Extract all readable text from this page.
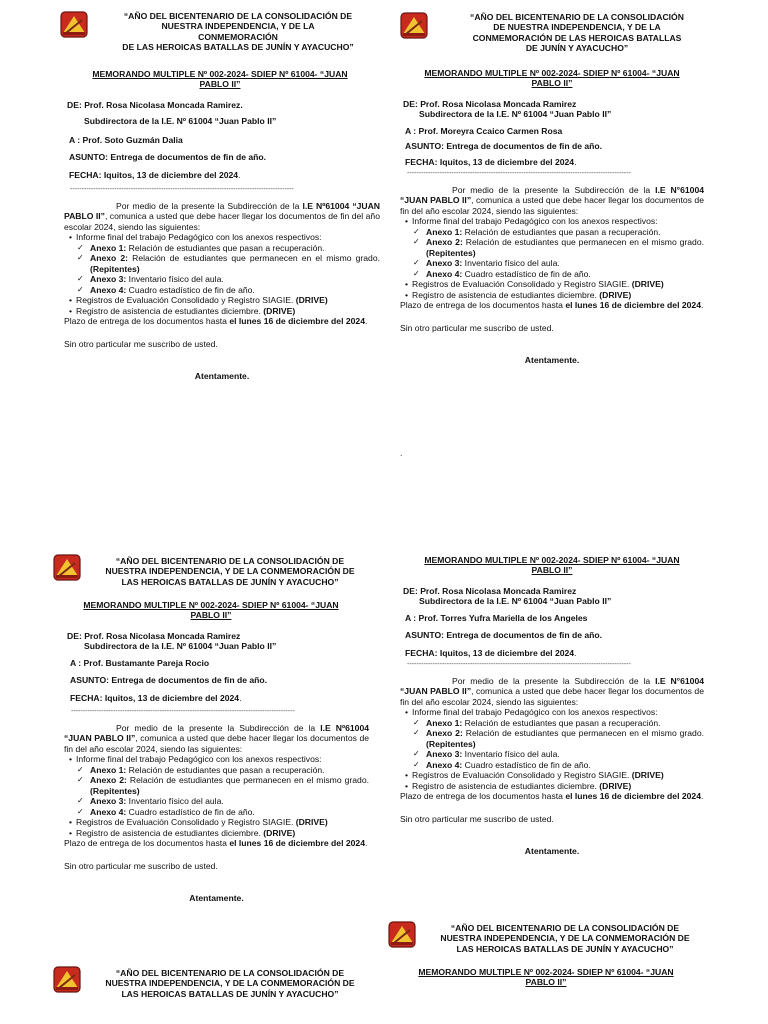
“AÑO DEL BICENTENARIO DE LA CONSOLIDACIÓN DE
NUESTRA INDEPENDENCIA, Y DE LA
CONMEMORACIÓN
DE LAS HEROICAS BATALLAS DE JUNÍN Y AYACUCHO”
MEMORANDO MULTIPLE Nº 002-2024- SDIEP Nº 61004- “JUAN PABLO II”
DE: Prof. Rosa Nicolasa Moncada Ramirez.
Subdirectora de la I.E. Nº 61004 “Juan Pablo II”
A : Prof. Soto Guzmán Dalia
ASUNTO: Entrega de documentos de fin de año.
FECHA: Iquitos, 13 de diciembre del 2024.
------------------------------------------------------------------------------------------------
Por medio de la presente la Subdirección de la I.E Nº61004 “JUAN PABLO II”, comunica a usted que debe hacer llegar los documentos de fin del año escolar 2024, siendo las siguientes:
• Informe final del trabajo Pedagógico con los anexos respectivos:
✓ Anexo 1: Relación de estudiantes que pasan a recuperación.
✓ Anexo 2: Relación de estudiantes que permanecen en el mismo grado. (Repitentes)
✓ Anexo 3: Inventario físico del aula.
✓ Anexo 4: Cuadro estadístico de fin de año.
• Registros de Evaluación Consolidado y Registro SIAGIE. (DRIVE)
• Registro de asistencia de estudiantes diciembre. (DRIVE)
Plazo de entrega de los documentos hasta el lunes 16 de diciembre del 2024.
Sin otro particular me suscribo de usted.
Atentamente.
“AÑO DEL BICENTENARIO DE LA CONSOLIDACIÓN
DE NUESTRA INDEPENDENCIA, Y DE LA
CONMEMORACIÓN DE LAS HEROICAS BATALLAS
DE JUNÍN Y AYACUCHO”
MEMORANDO MULTIPLE Nº 002-2024- SDIEP Nº 61004- “JUAN PABLO II”
DE: Prof. Rosa Nicolasa Moncada Ramirez
Subdirectora de la I.E. Nº 61004 “Juan Pablo II”
A : Prof. Moreyra Ccaico Carmen Rosa
ASUNTO: Entrega de documentos de fin de año.
FECHA: Iquitos, 13 de diciembre del 2024.
------------------------------------------------------------------------------------------------
Por medio de la presente la Subdirección de la I.E N°61004 “JUAN PABLO II”, comunica a usted que debe hacer llegar los documentos de fin del año escolar 2024, siendo las siguientes:
• Informe final del trabajo Pedagógico con los anexos respectivos:
✓ Anexo 1: Relación de estudiantes que pasan a recuperación.
✓ Anexo 2: Relación de estudiantes que permanecen en el mismo grado. (Repitentes)
✓ Anexo 3: Inventario físico del aula.
✓ Anexo 4: Cuadro estadístico de fin de año.
• Registros de Evaluación Consolidado y Registro SIAGIE. (DRIVE)
• Registro de asistencia de estudiantes diciembre. (DRIVE)
Plazo de entrega de los documentos hasta el lunes 16 de diciembre del 2024.
Sin otro particular me suscribo de usted.
Atentamente.
.
“AÑO DEL BICENTENARIO DE LA CONSOLIDACIÓN DE
NUESTRA INDEPENDENCIA, Y DE LA CONMEMORACIÓN DE
LAS HEROICAS BATALLAS DE JUNÍN Y AYACUCHO”
MEMORANDO MULTIPLE Nº 002-2024- SDIEP Nº 61004- “JUAN PABLO II”
DE: Prof. Rosa Nicolasa Moncada Ramirez
Subdirectora de la I.E. Nº 61004 “Juan Pablo II”
A : Prof. Bustamante Pareja Rocio
ASUNTO: Entrega de documentos de fin de año.
FECHA: Iquitos, 13 de diciembre del 2024.
------------------------------------------------------------------------------------------------
Por medio de la presente la Subdirección de la I.E Nº61004 “JUAN PABLO II”, comunica a usted que debe hacer llegar los documentos de fin del año escolar 2024, siendo las siguientes:
• Informe final del trabajo Pedagógico con los anexos respectivos:
✓ Anexo 1: Relación de estudiantes que pasan a recuperación.
✓ Anexo 2: Relación de estudiantes que permanecen en el mismo grado. (Repitentes)
✓ Anexo 3: Inventario físico del aula.
✓ Anexo 4: Cuadro estadístico de fin de año.
• Registros de Evaluación Consolidado y Registro SIAGIE. (DRIVE)
• Registro de asistencia de estudiantes diciembre. (DRIVE)
Plazo de entrega de los documentos hasta el lunes 16 de diciembre del 2024.
Sin otro particular me suscribo de usted.
Atentamente.
MEMORANDO MULTIPLE Nº 002-2024- SDIEP Nº 61004- “JUAN PABLO II”
DE: Prof. Rosa Nicolasa Moncada Ramirez
Subdirectora de la I.E. Nº 61004 “Juan Pablo II”
A : Prof. Torres Yufra Mariella de los Angeles
ASUNTO: Entrega de documentos de fin de año.
FECHA: Iquitos, 13 de diciembre del 2024.
------------------------------------------------------------------------------------------------
Por medio de la presente la Subdirección de la I.E N°61004 “JUAN PABLO II”, comunica a usted que debe hacer llegar los documentos de fin del año escolar 2024, siendo las siguientes:
• Informe final del trabajo Pedagógico con los anexos respectivos:
✓ Anexo 1: Relación de estudiantes que pasan a recuperación.
✓ Anexo 2: Relación de estudiantes que permanecen en el mismo grado. (Repitentes)
✓ Anexo 3: Inventario físico del aula.
✓ Anexo 4: Cuadro estadístico de fin de año.
• Registros de Evaluación Consolidado y Registro SIAGIE. (DRIVE)
• Registro de asistencia de estudiantes diciembre. (DRIVE)
Plazo de entrega de los documentos hasta el lunes 16 de diciembre del 2024.
Sin otro particular me suscribo de usted.
Atentamente.
“AÑO DEL BICENTENARIO DE LA CONSOLIDACIÓN DE
NUESTRA INDEPENDENCIA, Y DE LA CONMEMORACIÓN DE
LAS HEROICAS BATALLAS DE JUNÍN Y AYACUCHO”
MEMORANDO MULTIPLE Nº 002-2024- SDIEP Nº 61004- “JUAN PABLO II”
“AÑO DEL BICENTENARIO DE LA CONSOLIDACIÓN DE
NUESTRA INDEPENDENCIA, Y DE LA CONMEMORACIÓN DE
LAS HEROICAS BATALLAS DE JUNÍN Y AYACUCHO”
